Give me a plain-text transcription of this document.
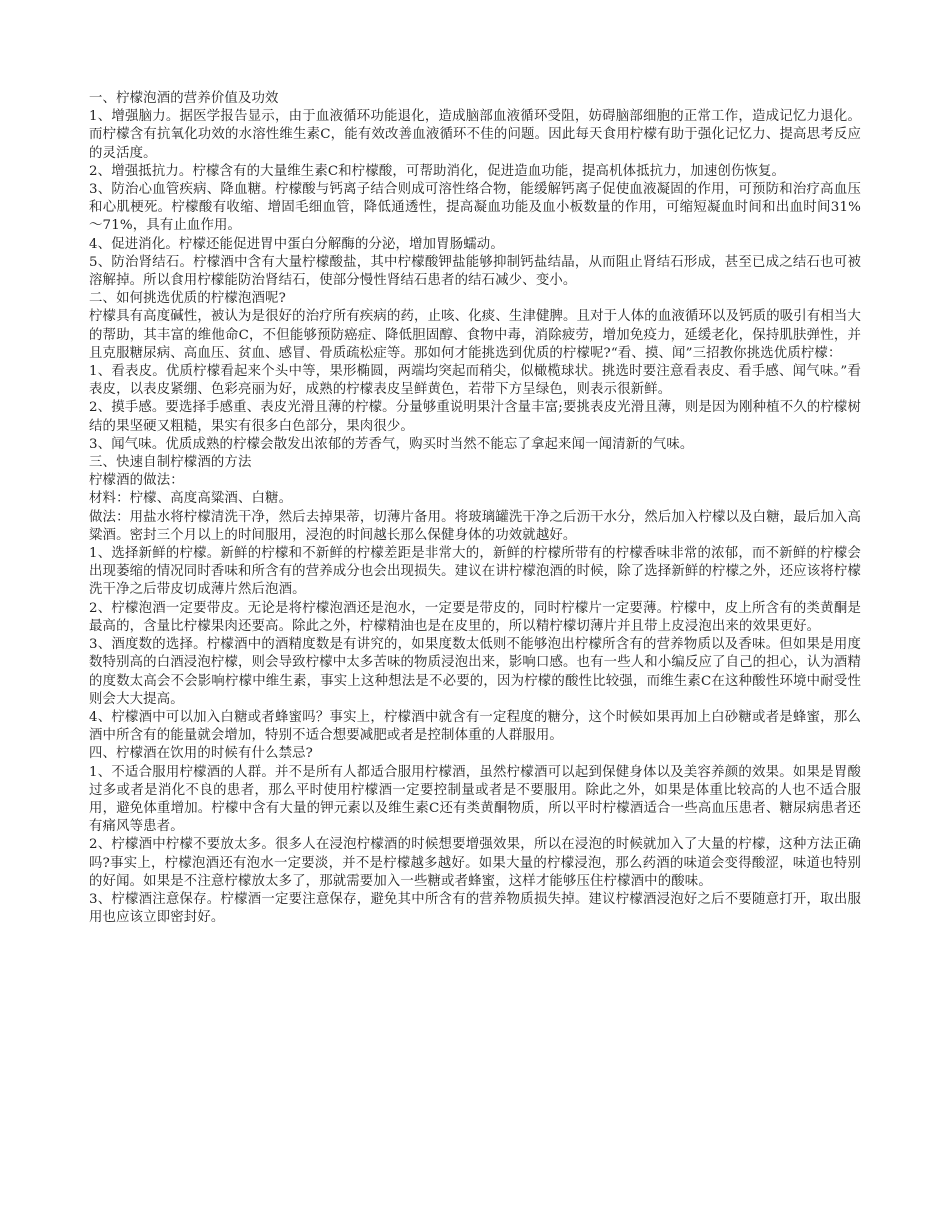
一、柠檬泡酒的营养价值及功效

1、增强脑力。据医学报告显示，由于血液循环功能退化，造成脑部血液循环受阻，妨碍脑部细胞的正常工作，造成记忆力退化。而柠檬含有抗氧化功效的水溶性维生素C，能有效改善血液循环不佳的问题。因此每天食用柠檬有助于强化记忆力、提高思考反应的灵活度。

2、增强抵抗力。柠檬含有的大量维生素C和柠檬酸，可帮助消化，促进造血功能，提高机体抵抗力，加速创伤恢复。

3、防治心血管疾病、降血糖。柠檬酸与钙离子结合则成可溶性络合物，能缓解钙离子促使血液凝固的作用，可预防和治疗高血压和心肌梗死。柠檬酸有收缩、增固毛细血管，降低通透性，提高凝血功能及血小板数量的作用，可缩短凝血时间和出血时间31%～71%，具有止血作用。

4、促进消化。柠檬还能促进胃中蛋白分解酶的分泌，增加胃肠蠕动。

5、防治肾结石。柠檬酒中含有大量柠檬酸盐，其中柠檬酸钾盐能够抑制钙盐结晶，从而阻止肾结石形成，甚至已成之结石也可被溶解掉。所以食用柠檬能防治肾结石，使部分慢性肾结石患者的结石减少、变小。

二、如何挑选优质的柠檬泡酒呢?

柠檬具有高度碱性，被认为是很好的治疗所有疾病的药，止咳、化痰、生津健脾。且对于人体的血液循环以及钙质的吸引有相当大的帮助，其丰富的维他命C，不但能够预防癌症、降低胆固醇、食物中毒，消除疲劳，增加免疫力，延缓老化，保持肌肤弹性，并且克服糖尿病、高血压、贫血、感冒、骨质疏松症等。那如何才能挑选到优质的柠檬呢?“看、摸、闻”三招教你挑选优质柠檬：

1、看表皮。优质柠檬看起来个头中等，果形椭圆，两端均突起而稍尖，似橄榄球状。挑选时要注意看表皮、看手感、闻气味。”看表皮，以表皮紧绷、色彩亮丽为好，成熟的柠檬表皮呈鲜黄色，若带下方呈绿色，则表示很新鲜。

2、摸手感。要选择手感重、表皮光滑且薄的柠檬。分量够重说明果汁含量丰富;要挑表皮光滑且薄，则是因为刚种植不久的柠檬树结的果坚硬又粗糙，果实有很多白色部分，果肉很少。

3、闻气味。优质成熟的柠檬会散发出浓郁的芳香气，购买时当然不能忘了拿起来闻一闻清新的气味。

三、快速自制柠檬酒的方法

柠檬酒的做法：

材料：柠檬、高度高粱酒、白糖。

做法：用盐水将柠檬清洗干净，然后去掉果蒂，切薄片备用。将玻璃罐洗干净之后沥干水分，然后加入柠檬以及白糖，最后加入高粱酒。密封三个月以上的时间服用，浸泡的时间越长那么保健身体的功效就越好。

1、选择新鲜的柠檬。新鲜的柠檬和不新鲜的柠檬差距是非常大的，新鲜的柠檬所带有的柠檬香味非常的浓郁，而不新鲜的柠檬会出现萎缩的情况同时香味和所含有的营养成分也会出现损失。建议在讲柠檬泡酒的时候，除了选择新鲜的柠檬之外，还应该将柠檬洗干净之后带皮切成薄片然后泡酒。

2、柠檬泡酒一定要带皮。无论是将柠檬泡酒还是泡水，一定要是带皮的，同时柠檬片一定要薄。柠檬中，皮上所含有的类黄酮是最高的，含量比柠檬果肉还要高。除此之外，柠檬精油也是在皮里的，所以精柠檬切薄片并且带上皮浸泡出来的效果更好。

3、酒度数的选择。柠檬酒中的酒精度数是有讲究的，如果度数太低则不能够泡出柠檬所含有的营养物质以及香味。但如果是用度数特别高的白酒浸泡柠檬，则会导致柠檬中太多苦味的物质浸泡出来，影响口感。也有一些人和小编反应了自己的担心，认为酒精的度数太高会不会影响柠檬中维生素，事实上这种想法是不必要的，因为柠檬的酸性比较强，而维生素C在这种酸性环境中耐受性则会大大提高。

4、柠檬酒中可以加入白糖或者蜂蜜吗？事实上，柠檬酒中就含有一定程度的糖分，这个时候如果再加上白砂糖或者是蜂蜜，那么酒中所含有的能量就会增加，特别不适合想要减肥或者是控制体重的人群服用。

四、柠檬酒在饮用的时候有什么禁忌?

1、不适合服用柠檬酒的人群。并不是所有人都适合服用柠檬酒，虽然柠檬酒可以起到保健身体以及美容养颜的效果。如果是胃酸过多或者是消化不良的患者，那么平时使用柠檬酒一定要控制量或者是不要服用。除此之外，如果是体重比较高的人也不适合服用，避免体重增加。柠檬中含有大量的钾元素以及维生素C还有类黄酮物质，所以平时柠檬酒适合一些高血压患者、糖尿病患者还有痛风等患者。

2、柠檬酒中柠檬不要放太多。很多人在浸泡柠檬酒的时候想要增强效果，所以在浸泡的时候就加入了大量的柠檬，这种方法正确吗?事实上，柠檬泡酒还有泡水一定要淡，并不是柠檬越多越好。如果大量的柠檬浸泡，那么药酒的味道会变得酸涩，味道也特别的好闻。如果是不注意柠檬放太多了，那就需要加入一些糖或者蜂蜜，这样才能够压住柠檬酒中的酸味。

3、柠檬酒注意保存。柠檬酒一定要注意保存，避免其中所含有的营养物质损失掉。建议柠檬酒浸泡好之后不要随意打开，取出服用也应该立即密封好。
